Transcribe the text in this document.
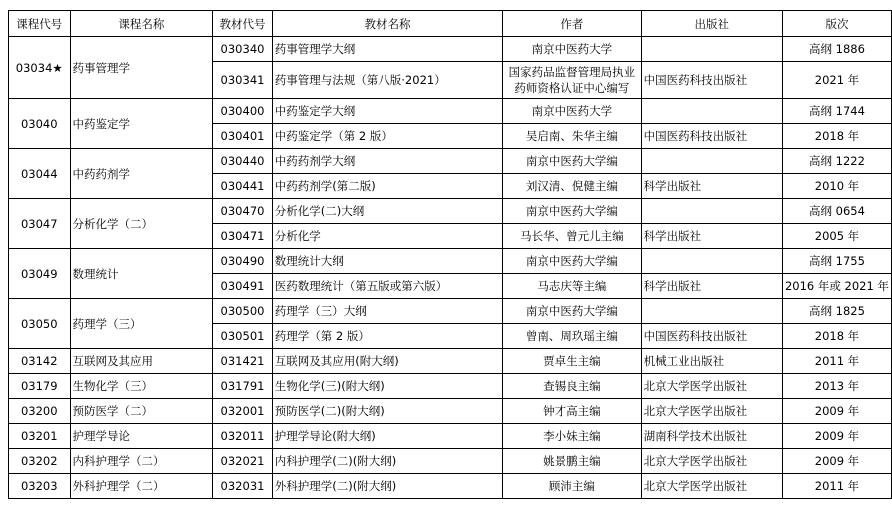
课程代号	课程名称	教材代号	教材名称	作者	出版社	版次
03034★	药事管理学	030340	药事管理学大纲	南京中医药大学		高纲 1886
		030341	药事管理与法规（第八版·2021）	国家药品监督管理局执业药师资格认证中心编写	中国医药科技出版社	2021 年
03040	中药鉴定学	030400	中药鉴定学大纲	南京中医药大学		高纲 1744
		030401	中药鉴定学（第 2 版）	吴启南、朱华主编	中国医药科技出版社	2018 年
03044	中药药剂学	030440	中药药剂学大纲	南京中医药大学编		高纲 1222
		030441	中药药剂学(第二版)	刘汉清、倪健主编	科学出版社	2010 年
03047	分析化学（二）	030470	分析化学(二)大纲	南京中医药大学编		高纲 0654
		030471	分析化学	马长华、曾元儿主编	科学出版社	2005 年
03049	数理统计	030490	数理统计大纲	南京中医药大学编		高纲 1755
		030491	医药数理统计（第五版或第六版）	马志庆等主编	科学出版社	2016 年或 2021 年
03050	药理学（三）	030500	药理学（三）大纲	南京中医药大学编		高纲 1825
		030501	药理学（第 2 版）	曾南、周玖瑶主编	中国医药科技出版社	2018 年
03142	互联网及其应用	031421	互联网及其应用(附大纲)	贾卓生主编	机械工业出版社	2011 年
03179	生物化学（三）	031791	生物化学(三)(附大纲)	查锡良主编	北京大学医学出版社	2013 年
03200	预防医学（二）	032001	预防医学(二)(附大纲)	钟才高主编	北京大学医学出版社	2009 年
03201	护理学导论	032011	护理学导论(附大纲)	李小妹主编	湖南科学技术出版社	2009 年
03202	内科护理学（二）	032021	内科护理学(二)(附大纲)	姚景鹏主编	北京大学医学出版社	2009 年
03203	外科护理学（二）	032031	外科护理学(二)(附大纲)	顾沛主编	北京大学医学出版社	2011 年
